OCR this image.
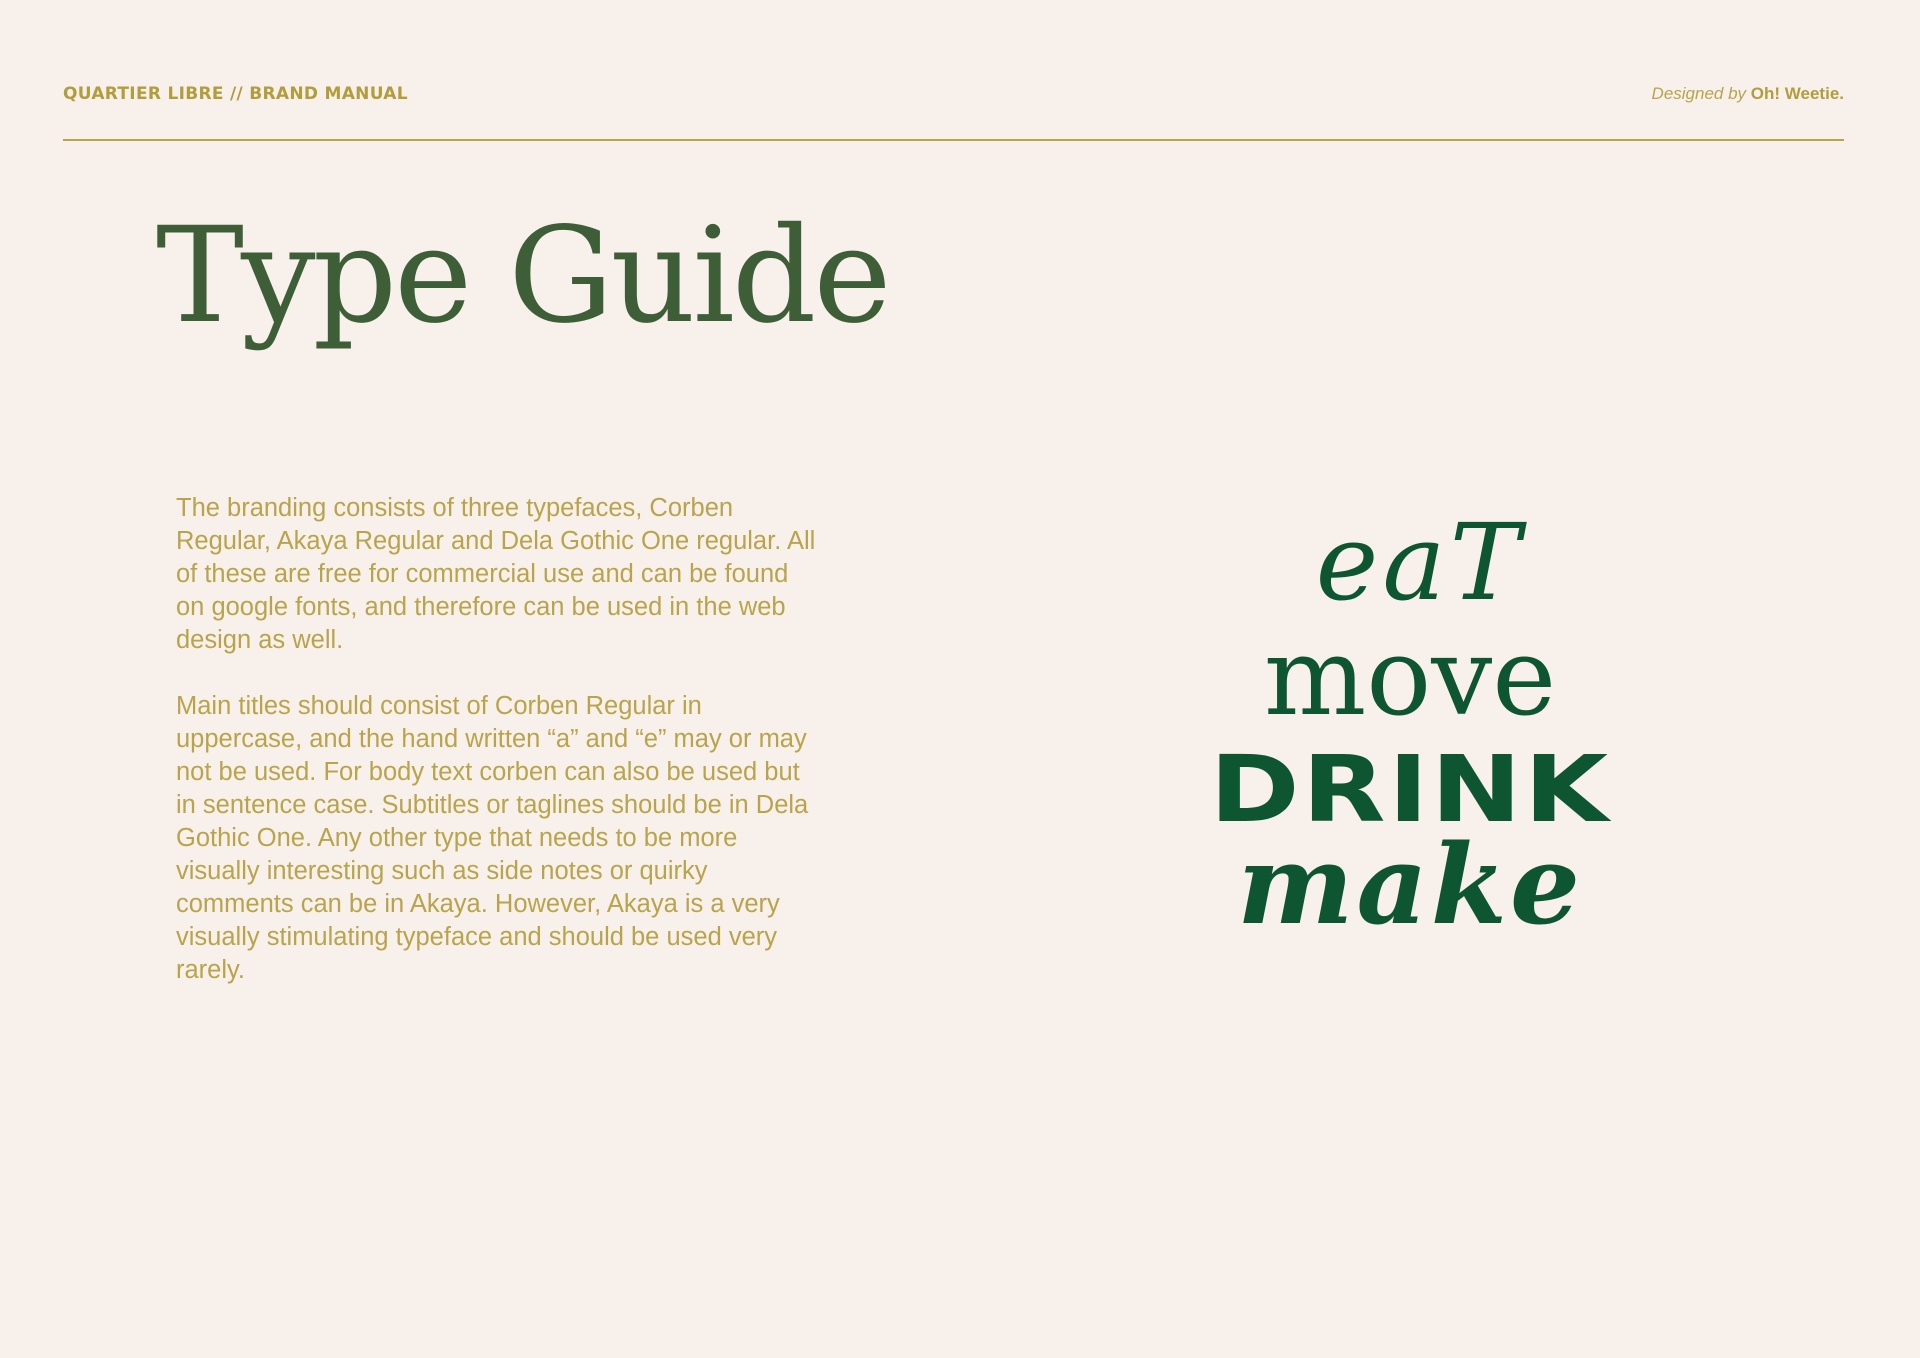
QUARTIER LIBRE // BRAND MANUAL	Designed by Oh! Weetie.
Type Guide

The branding consists of three typefaces, Corben Regular, Akaya Regular and Dela Gothic One regular. All of these are free for commercial use and can be found on google fonts, and therefore can be used in the web design as well.

Main titles should consist of Corben Regular in uppercase, and the hand written “a” and “e” may or may not be used. For body text corben can also be used but in sentence case. Subtitles or taglines should be in Dela Gothic One. Any other type that needs to be more visually interesting such as side notes or quirky comments can be in Akaya. However, Akaya is a very visually stimulating typeface and should be used very rarely.

eaT
move
DRINK
make
